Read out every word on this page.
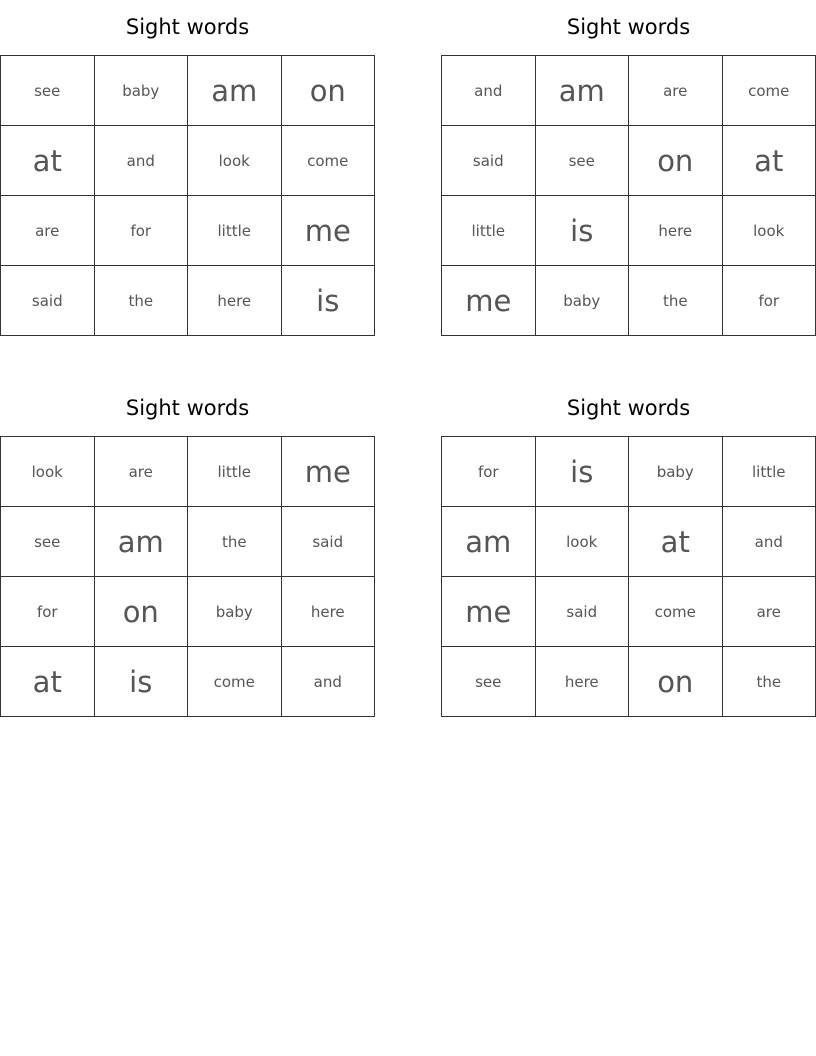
Sight words
see	baby	am	on
at	and	look	come
are	for	little	me
said	the	here	is
Sight words
and	am	are	come
said	see	on	at
little	is	here	look
me	baby	the	for
Sight words
look	are	little	me
see	am	the	said
for	on	baby	here
at	is	come	and
Sight words
for	is	baby	little
am	look	at	and
me	said	come	are
see	here	on	the
